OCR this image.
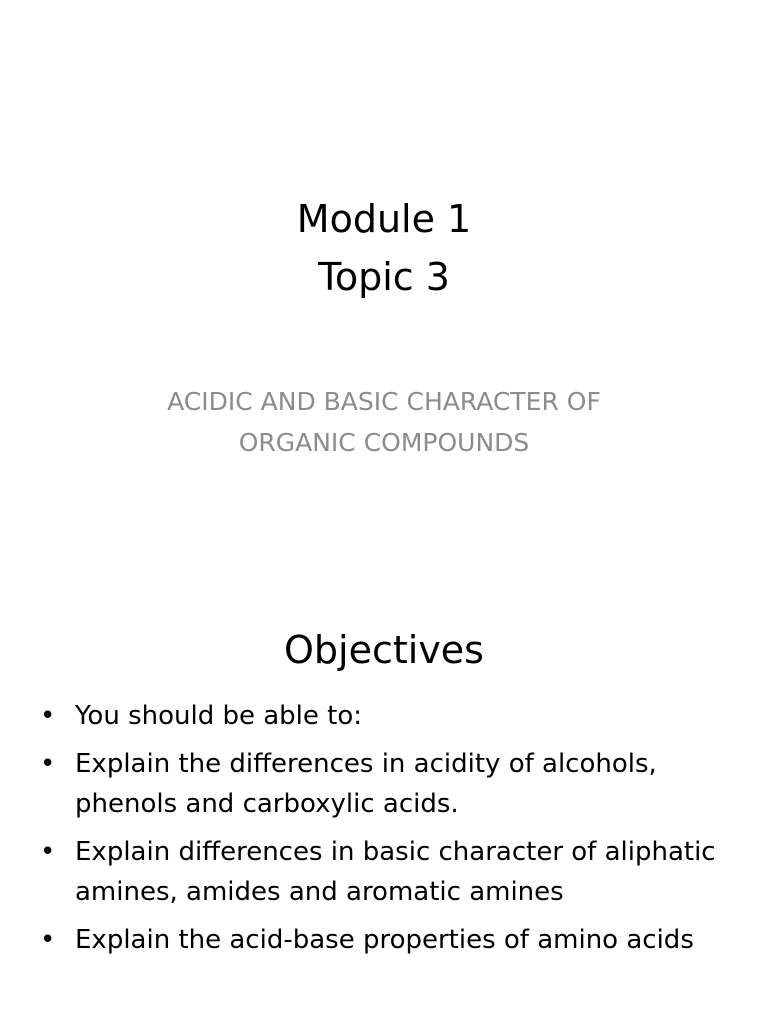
Module 1
Topic 3
ACIDIC AND BASIC CHARACTER OF
ORGANIC COMPOUNDS
Objectives
• You should be able to:
• Explain the differences in acidity of alcohols, phenols and carboxylic acids.
• Explain differences in basic character of aliphatic amines, amides and aromatic amines
• Explain the acid-base properties of amino acids
